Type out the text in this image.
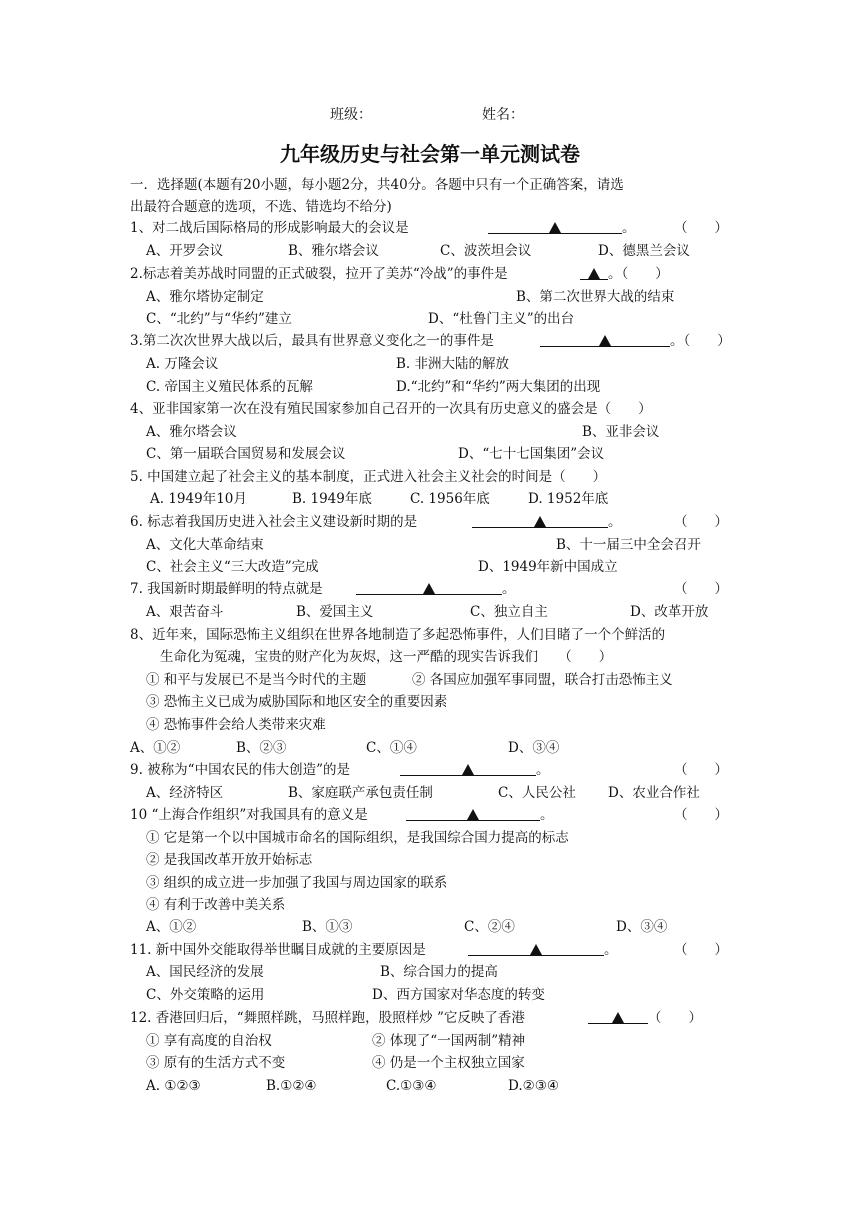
班级：	姓名：
九年级历史与社会第一单元测试卷
一．选择题(本题有20小题，每小题2分，共40分。各题中只有一个正确答案，请选
出最符合题意的选项，不选、错选均不给分)
1、对二战后国际格局的形成影响最大的会议是	。	（　　）
A、开罗会议	B、雅尔塔会议	C、波茨坦会议	D、德黑兰会议
2.标志着美苏战时同盟的正式破裂，拉开了美苏“冷战”的事件是	。（　　）
A、雅尔塔协定制定	B、第二次世界大战的结束
C、“北约”与“华约”建立	D、“杜鲁门主义”的出台
3.第二次次世界大战以后，最具有世界意义变化之一的事件是	。（　　）
A. 万隆会议	B. 非洲大陆的解放
C. 帝国主义殖民体系的瓦解	D.“北约”和“华约”两大集团的出现
4、亚非国家第一次在没有殖民国家参加自己召开的一次具有历史意义的盛会是（　　）
A、雅尔塔会议	B、亚非会议
C、第一届联合国贸易和发展会议	D、“七十七国集团”会议
5. 中国建立起了社会主义的基本制度，正式进入社会主义社会的时间是（　　）
A. 1949年10月	B. 1949年底	C. 1956年底	D. 1952年底
6. 标志着我国历史进入社会主义建设新时期的是	。	（　　）
A、文化大革命结束	B、十一届三中全会召开
C、社会主义“三大改造”完成	D、1949年新中国成立
7. 我国新时期最鲜明的特点就是	。	（　　）
A、艰苦奋斗	B、爱国主义	C、独立自主	D、改革开放
8、近年来，国际恐怖主义组织在世界各地制造了多起恐怖事件，人们目睹了一个个鲜活的
生命化为冤魂，宝贵的财产化为灰烬，这一严酷的现实告诉我们　　（　　）
① 和平与发展已不是当今时代的主题	② 各国应加强军事同盟，联合打击恐怖主义
③ 恐怖主义已成为威胁国际和地区安全的重要因素
④ 恐怖事件会给人类带来灾难
A、①②	B、②③	C、①④	D、③④
9. 被称为“中国农民的伟大创造”的是	。	（　　）
A、经济特区	B、家庭联产承包责任制	C、人民公社 D、农业合作社
10 “上海合作组织”对我国具有的意义是	。	（　　）
① 它是第一个以中国城市命名的国际组织，是我国综合国力提高的标志
② 是我国改革开放开始标志
③ 组织的成立进一步加强了我国与周边国家的联系
④ 有利于改善中美关系
A、①②	B、①③	C、②④	D、③④
11. 新中国外交能取得举世瞩目成就的主要原因是	。	（　　）
A、国民经济的发展	B、综合国力的提高
C、外交策略的运用	D、西方国家对华态度的转变
12. 香港回归后，“舞照样跳，马照样跑，股照样炒 ”它反映了香港	（　　）
① 享有高度的自治权	② 体现了“一国两制”精神
③ 原有的生活方式不变	④ 仍是一个主权独立国家
A. ①②③	B.①②④	C.①③④	D.②③④
